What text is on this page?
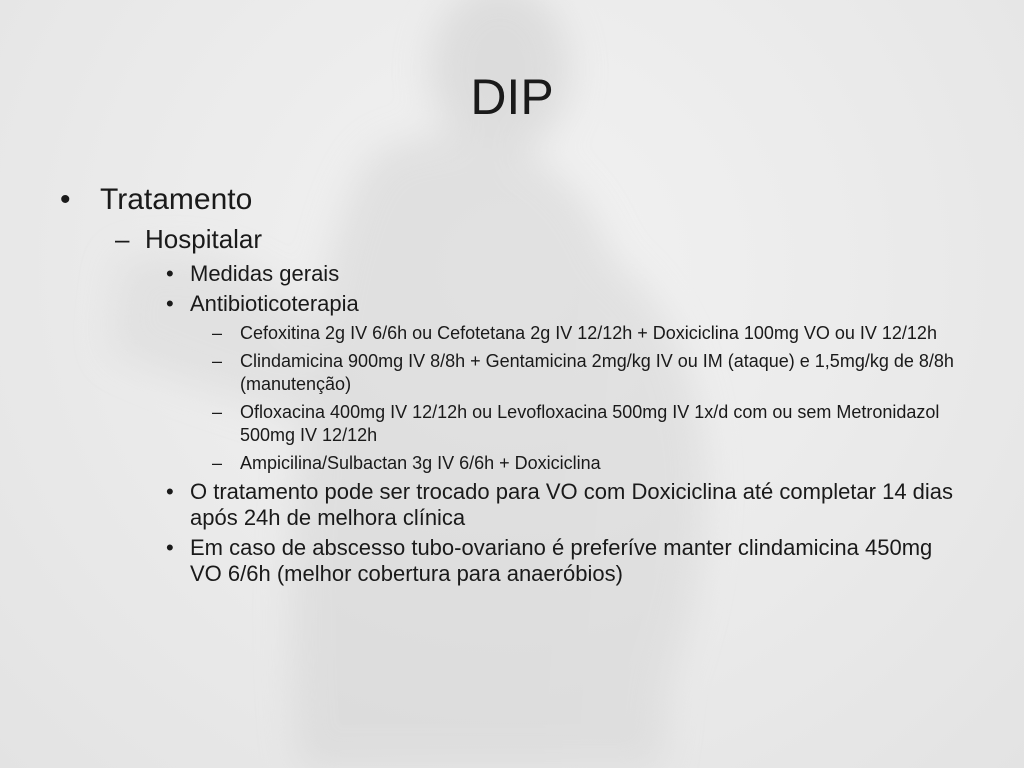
DIP
• Tratamento
– Hospitalar
• Medidas gerais
• Antibioticoterapia
– Cefoxitina 2g IV 6/6h ou Cefotetana 2g IV 12/12h + Doxiciclina 100mg VO ou IV 12/12h
– Clindamicina 900mg IV 8/8h + Gentamicina 2mg/kg IV ou IM (ataque) e 1,5mg/kg de 8/8h (manutenção)
– Ofloxacina 400mg IV 12/12h ou Levofloxacina 500mg IV 1x/d com ou sem Metronidazol 500mg IV 12/12h
– Ampicilina/Sulbactan 3g IV 6/6h + Doxiciclina
• O tratamento pode ser trocado para VO com Doxiciclina até completar 14 dias após 24h de melhora clínica
• Em caso de abscesso tubo-ovariano é preferíve manter clindamicina 450mg VO 6/6h (melhor cobertura para anaeróbios)
